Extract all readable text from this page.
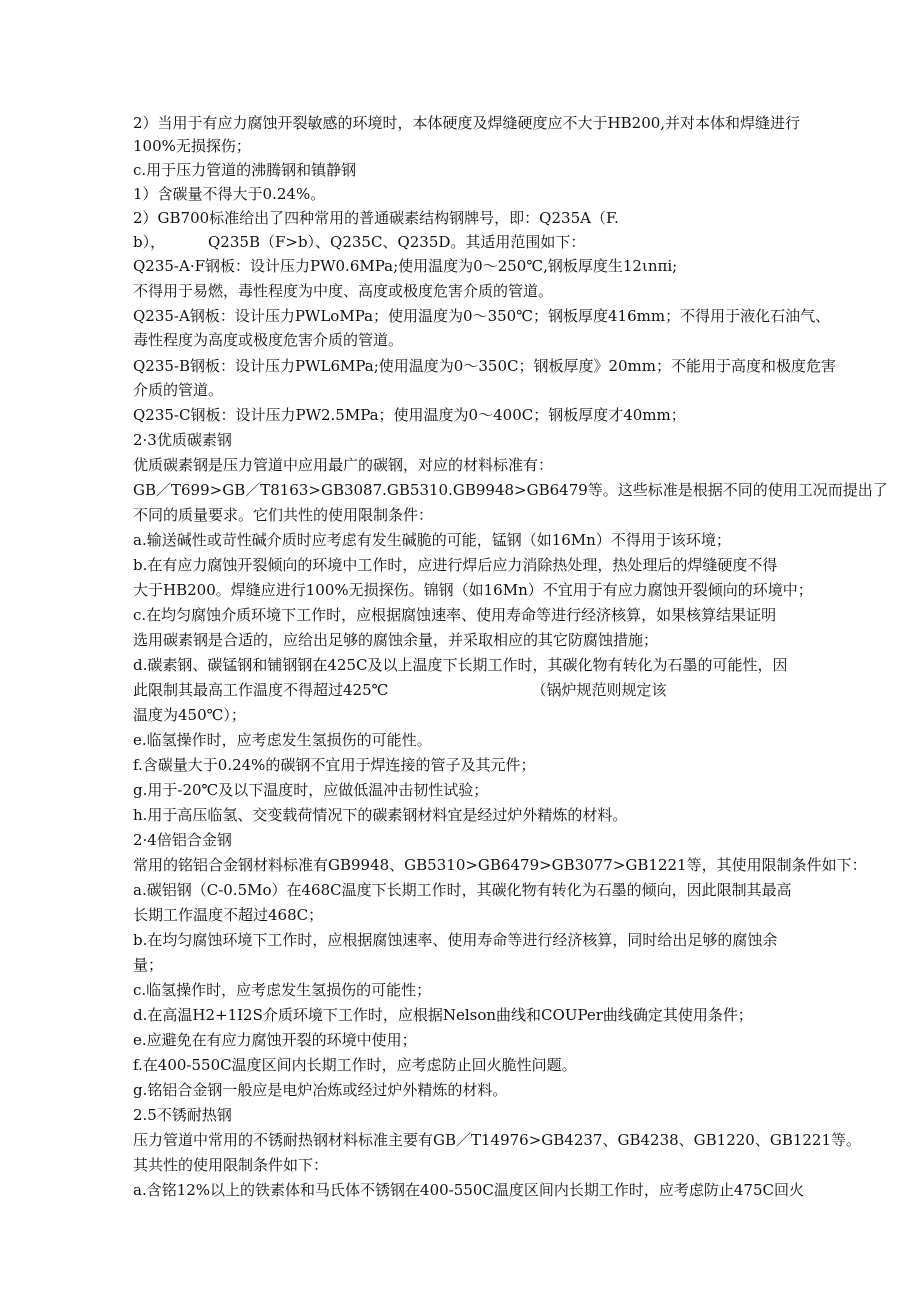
2）当用于有应力腐蚀开裂敏感的环境时，本体硬度及焊缝硬度应不大于HB200,并对本体和焊缝进行
100%无损探伤；
c.用于压力管道的沸腾钢和镇静钢
1）含碳量不得大于0.24%。
2）GB700标准给出了四种常用的普通碳素结构钢牌号，即：Q235A（F.
b），         Q235B（F>b）、Q235C、Q235D。其适用范围如下：
Q235-A·F钢板：设计压力PW0.6MPa;使用温度为0～250℃,钢板厚度生12ιnπi;
不得用于易燃，毒性程度为中度、高度或极度危害介质的管道。
Q235-A钢板：设计压力PWLoMPa；使用温度为0～350℃；钢板厚度416mm；不得用于液化石油气、
毒性程度为高度或极度危害介质的管道。
Q235-B钢板：设计压力PWL6MPa;使用温度为0～350C；钢板厚度》20mm；不能用于高度和极度危害
介质的管道。
Q235-C钢板：设计压力PW2.5MPa；使用温度为0～400C；钢板厚度才40mm；
2·3优质碳素钢
优质碳素钢是压力管道中应用最广的碳钢，对应的材料标准有：
GB／T699>GB／T8163>GB3087.GB5310.GB9948>GB6479等。这些标准是根据不同的使用工况而提出了
不同的质量要求。它们共性的使用限制条件：
a.输送碱性或苛性碱介质时应考虑有发生碱脆的可能，锰钢（如16Mn）不得用于该环境；
b.在有应力腐蚀开裂倾向的环境中工作时，应进行焊后应力消除热处理，热处理后的焊缝硬度不得
大于HB200。焊缝应进行100%无损探伤。锦钢（如16Mn）不宜用于有应力腐蚀开裂倾向的环境中；
c.在均匀腐蚀介质环境下工作时，应根据腐蚀速率、使用寿命等进行经济核算，如果核算结果证明
选用碳素钢是合适的，应给出足够的腐蚀余量，并采取相应的其它防腐蚀措施；
d.碳素钢、碳锰钢和铺钢钢在425C及以上温度下长期工作时，其碳化物有转化为石墨的可能性，因
此限制其最高工作温度不得超过425℃                              （锅炉规范则规定该
温度为450℃）；
e.临氢操作时，应考虑发生氢损伤的可能性。
f.含碳量大于0.24%的碳钢不宜用于焊连接的管子及其元件；
g.用于-20℃及以下温度时，应做低温冲击韧性试验；
h.用于高压临氢、交变载荷情况下的碳素钢材料宜是经过炉外精炼的材料。
2·4倍铝合金钢
常用的铭铝合金钢材料标准有GB9948、GB5310>GB6479>GB3077>GB1221等，其使用限制条件如下：
a.碳铝钢（C-0.5Mo）在468C温度下长期工作时，其碳化物有转化为石墨的倾向，因此限制其最高
长期工作温度不超过468C；
b.在均匀腐蚀环境下工作时，应根据腐蚀速率、使用寿命等进行经济核算，同时给出足够的腐蚀余
量；
c.临氢操作时，应考虑发生氢损伤的可能性；
d.在高温H2+1I2S介质环境下工作时，应根据Nelson曲线和COUPer曲线确定其使用条件；
e.应避免在有应力腐蚀开裂的环境中使用；
f.在400-550C温度区间内长期工作时，应考虑防止回火脆性问题。
g.铭铝合金钢一般应是电炉冶炼或经过炉外精炼的材料。
2.5不锈耐热钢
压力管道中常用的不锈耐热钢材料标准主要有GB／T14976>GB4237、GB4238、GB1220、GB1221等。
其共性的使用限制条件如下：
a.含铭12%以上的铁素体和马氏体不锈钢在400-550C温度区间内长期工作时，应考虑防止475C回火
